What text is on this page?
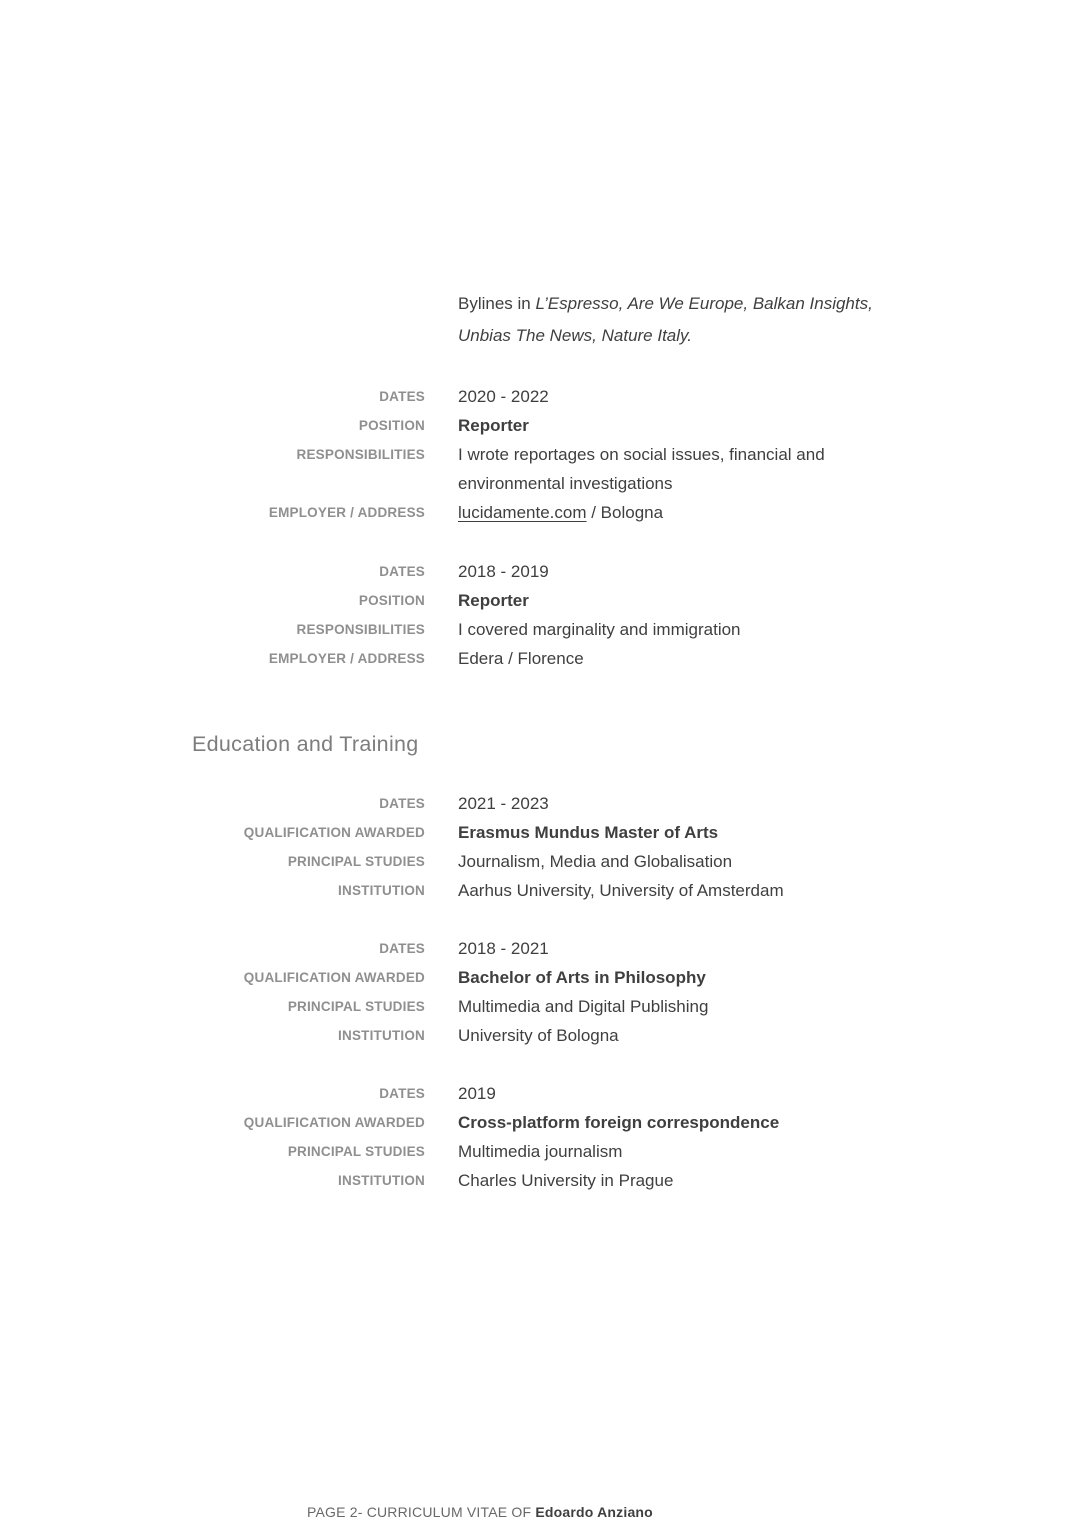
Bylines in L’Espresso, Are We Europe, Balkan Insights,
Unbias The News, Nature Italy.
DATES 2020 - 2022
POSITION Reporter
RESPONSIBILITIES I wrote reportages on social issues, financial and
environmental investigations
EMPLOYER / ADDRESS lucidamente.com / Bologna
DATES 2018 - 2019
POSITION Reporter
RESPONSIBILITIES I covered marginality and immigration
EMPLOYER / ADDRESS Edera / Florence
Education and Training
DATES 2021 - 2023
QUALIFICATION AWARDED Erasmus Mundus Master of Arts
PRINCIPAL STUDIES Journalism, Media and Globalisation
INSTITUTION Aarhus University, University of Amsterdam
DATES 2018 - 2021
QUALIFICATION AWARDED Bachelor of Arts in Philosophy
PRINCIPAL STUDIES Multimedia and Digital Publishing
INSTITUTION University of Bologna
DATES 2019
QUALIFICATION AWARDED Cross-platform foreign correspondence
PRINCIPAL STUDIES Multimedia journalism
INSTITUTION Charles University in Prague
PAGE 2- CURRICULUM VITAE OF Edoardo Anziano
